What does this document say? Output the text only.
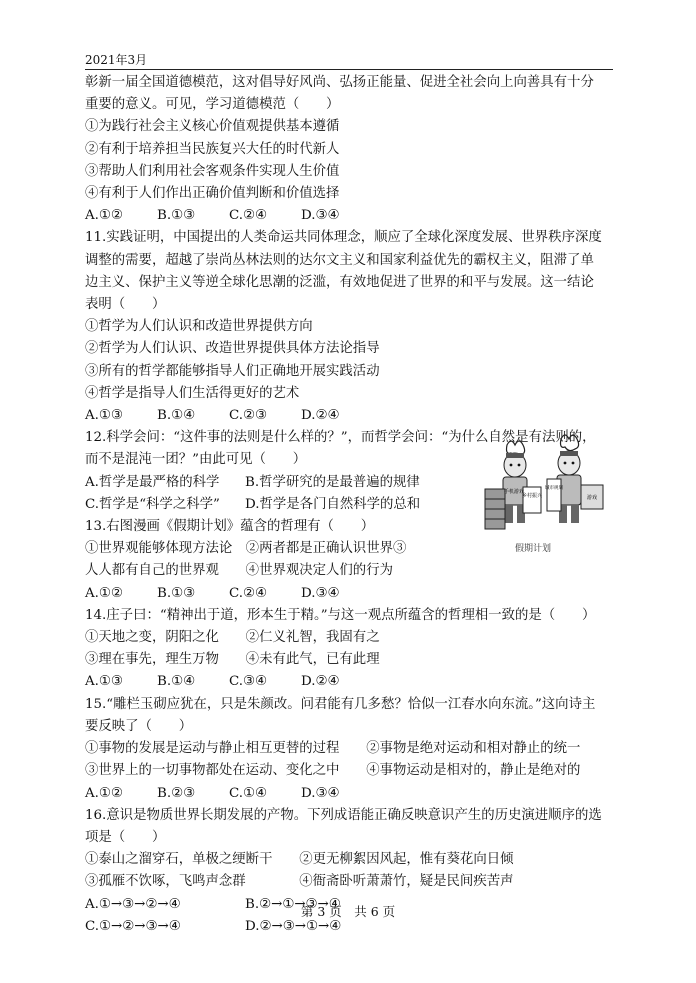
2021年3月
彰新一届全国道德模范，这对倡导好风尚、弘扬正能量、促进全社会向上向善具有十分
重要的意义。可见，学习道德模范（　　）
①为践行社会主义核心价值观提供基本遵循
②有利于培养担当民族复兴大任的时代新人
③帮助人们利用社会客观条件实现人生价值
④有利于人们作出正确价值判断和价值选择
A.①②	B.①③	C.②④	D.③④
11.实践证明，中国提出的人类命运共同体理念，顺应了全球化深度发展、世界秩序深度
调整的需要，超越了崇尚丛林法则的达尔文主义和国家利益优先的霸权主义，阻滞了单
边主义、保护主义等逆全球化思潮的泛滥，有效地促进了世界的和平与发展。这一结论
表明（　　）
①哲学为人们认识和改造世界提供方向
②哲学为人们认识、改造世界提供具体方法论指导
③所有的哲学都能够指导人们正确地开展实践活动
④哲学是指导人们生活得更好的艺术
A.①③	B.①④	C.②③	D.②④
12.科学会问：“这件事的法则是什么样的？”，而哲学会问：“为什么自然是有法则的，
而不是混沌一团？”由此可见（　　）
A.哲学是最严格的科学 B.哲学研究的是最普遍的规律
C.哲学是“科学之科学” D.哲学是各门自然科学的总和
13.右图漫画《假期计划》蕴含的哲理有（　　）
①世界观能够体现方法论　②两者都是正确认识世界③
人人都有自己的世界观　　④世界观决定人们的行为
A.①②	B.①③	C.②④	D.③④
乡村振兴
手机游戏
城市规划
游戏
假期计划
14.庄子曰：“精神出于道，形本生于精。”与这一观点所蕴含的哲理相一致的是（　　）
①天地之变，阴阳之化　　②仁义礼智，我固有之
③理在事先，理生万物　　④未有此气，已有此理
A.①③	B.①④	C.③④	D.②④
15.“雕栏玉砌应犹在，只是朱颜改。问君能有几多愁？恰似一江春水向东流。”这向诗主
要反映了（　　）
①事物的发展是运动与静止相互更替的过程　　②事物是绝对运动和相对静止的统一
③世界上的一切事物都处在运动、变化之中　　④事物运动是相对的，静止是绝对的
A.①②	B.②③	C.①④	D.③④
16.意识是物质世界长期发展的产物。下列成语能正确反映意识产生的历史演进顺序的选
项是（　　）
①泰山之溜穿石，单极之绠断干　　②更无柳絮因风起，惟有葵花向日倾
③孤雁不饮啄，飞鸣声念群　　　　④衙斋卧听萧萧竹，疑是民间疾苦声
A.①→③→②→④	B.②→①→③→④
C.①→②→③→④	D.②→③→①→④
第 3 页　共 6 页
